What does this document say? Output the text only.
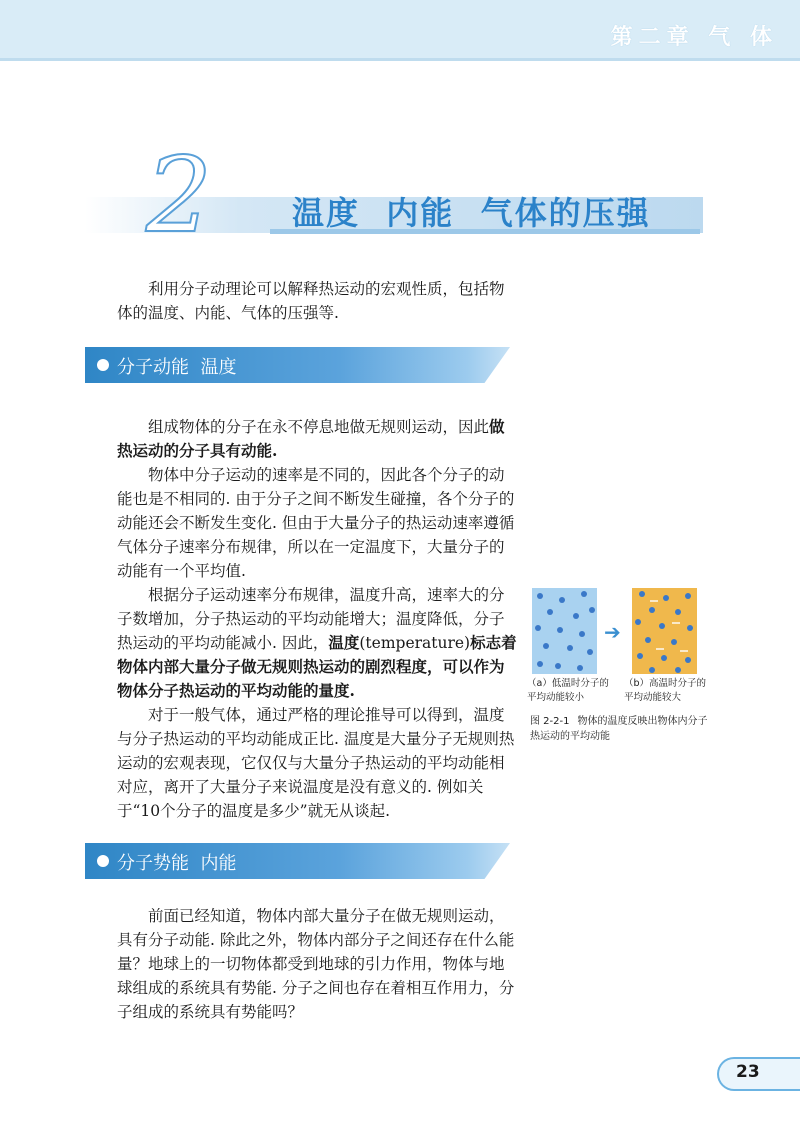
第二章 气 体
2 温度  内能  气体的压强
利用分子动理论可以解释热运动的宏观性质，包括物体的温度、内能、气体的压强等.
分子动能  温度
组成物体的分子在永不停息地做无规则运动，因此做热运动的分子具有动能.
物体中分子运动的速率是不同的，因此各个分子的动能也是不相同的. 由于分子之间不断发生碰撞，各个分子的动能还会不断发生变化. 但由于大量分子的热运动速率遵循气体分子速率分布规律，所以在一定温度下，大量分子的动能有一个平均值.
根据分子运动速率分布规律，温度升高，速率大的分子数增加，分子热运动的平均动能增大；温度降低，分子热运动的平均动能减小. 因此，温度(temperature)标志着物体内部大量分子做无规则热运动的剧烈程度，可以作为物体分子热运动的平均动能的量度.
对于一般气体，通过严格的理论推导可以得到，温度与分子热运动的平均动能成正比. 温度是大量分子无规则热运动的宏观表现，它仅仅与大量分子热运动的平均动能相对应，离开了大量分子来说温度是没有意义的. 例如关于“10个分子的温度是多少”就无从谈起.
➔
（a）低温时分子的平均动能较小
（b）高温时分子的平均动能较大
图 2-2-1 物体的温度反映出物体内分子热运动的平均动能
分子势能  内能
前面已经知道，物体内部大量分子在做无规则运动，具有分子动能. 除此之外，物体内部分子之间还存在什么能量？ 地球上的一切物体都受到地球的引力作用，物体与地球组成的系统具有势能. 分子之间也存在着相互作用力，分子组成的系统具有势能吗？
23
